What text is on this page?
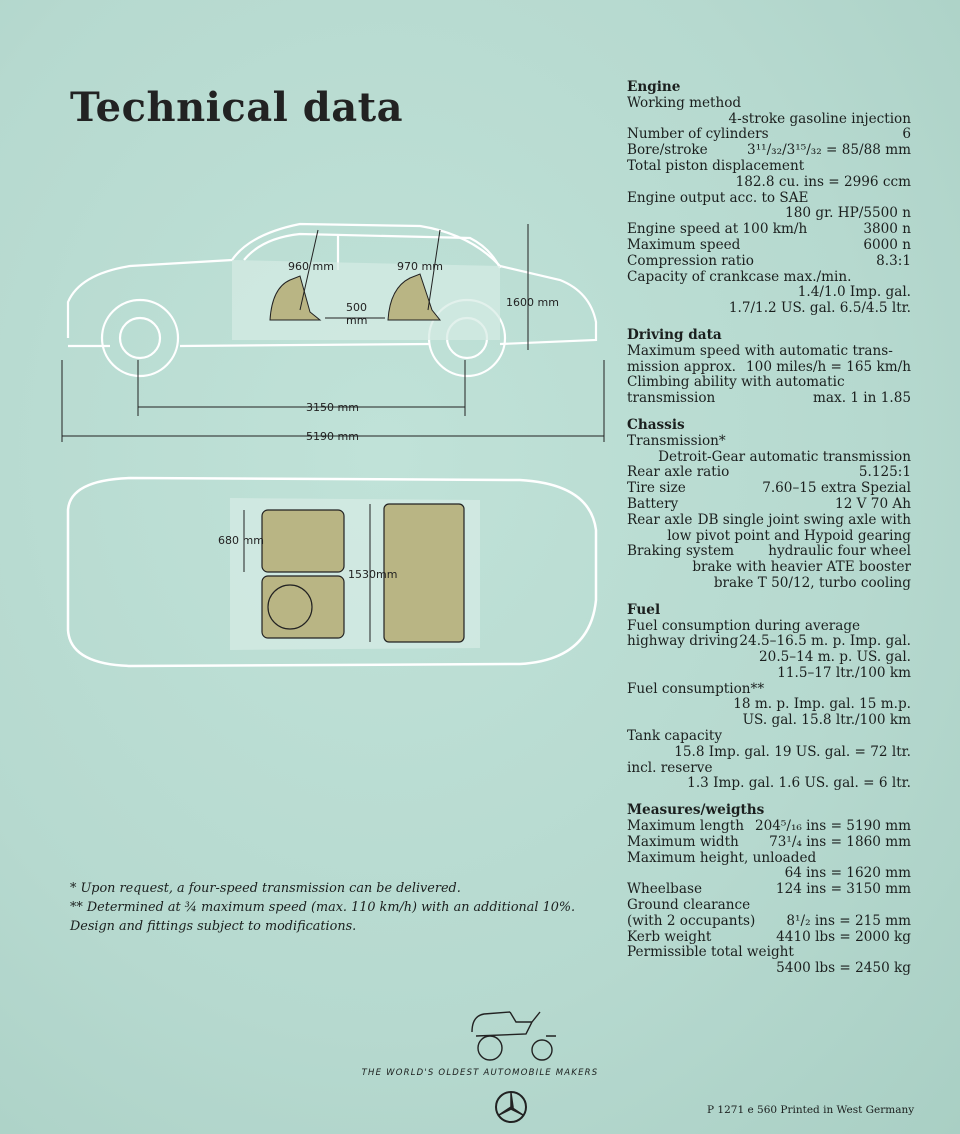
Technical data
960 mm	970 mm
500
mm
1600 mm
3150 mm
5190 mm
680 mm
1530mm
Engine
Working method
4-stroke gasoline injection
Number of cylinders	6
Bore/stroke	3¹¹/₃₂/3¹⁵/₃₂ = 85/88 mm
Total piston displacement
182.8 cu. ins = 2996 ccm
Engine output acc. to SAE
180 gr. HP/5500 n
Engine speed at 100 km/h	3800 n
Maximum speed	6000 n
Compression ratio	8.3:1
Capacity of crankcase max./min.
1.4/1.0 Imp. gal.
1.7/1.2 US. gal. 6.5/4.5 ltr.
Driving data
Maximum speed with automatic trans-
mission approx. 100 miles/h = 165 km/h
Climbing ability with automatic
transmission	max. 1 in 1.85
Chassis
Transmission*
Detroit-Gear automatic transmission
Rear axle ratio	5.125:1
Tire size	7.60–15 extra Spezial
Battery	12 V 70 Ah
Rear axle DB single joint swing axle with
low pivot point and Hypoid gearing
Braking system	hydraulic four wheel
brake with heavier ATE booster
brake T 50/12, turbo cooling
Fuel
Fuel consumption during average
highway driving 24.5–16.5 m. p. Imp. gal.
20.5–14 m. p. US. gal.
11.5–17 ltr./100 km
Fuel consumption**
18 m. p. Imp. gal. 15 m.p.
US. gal. 15.8 ltr./100 km
Tank capacity
15.8 Imp. gal. 19 US. gal. = 72 ltr.
incl. reserve
1.3 Imp. gal. 1.6 US. gal. = 6 ltr.
Measures/weigths
Maximum length 204⁵/₁₆ ins = 5190 mm
Maximum width 73¹/₄ ins = 1860 mm
Maximum height, unloaded
64 ins = 1620 mm
Wheelbase	124 ins = 3150 mm
Ground clearance
(with 2 occupants) 8¹/₂ ins = 215 mm
Kerb weight	4410 lbs = 2000 kg
Permissible total weight
5400 lbs = 2450 kg
* Upon request, a four-speed transmission can be delivered.
** Determined at ¾ maximum speed (max. 110 km/h) with an additional 10%.
Design and fittings subject to modifications.
THE WORLD'S OLDEST AUTOMOBILE MAKERS
P 1271 e 560 Printed in West Germany
